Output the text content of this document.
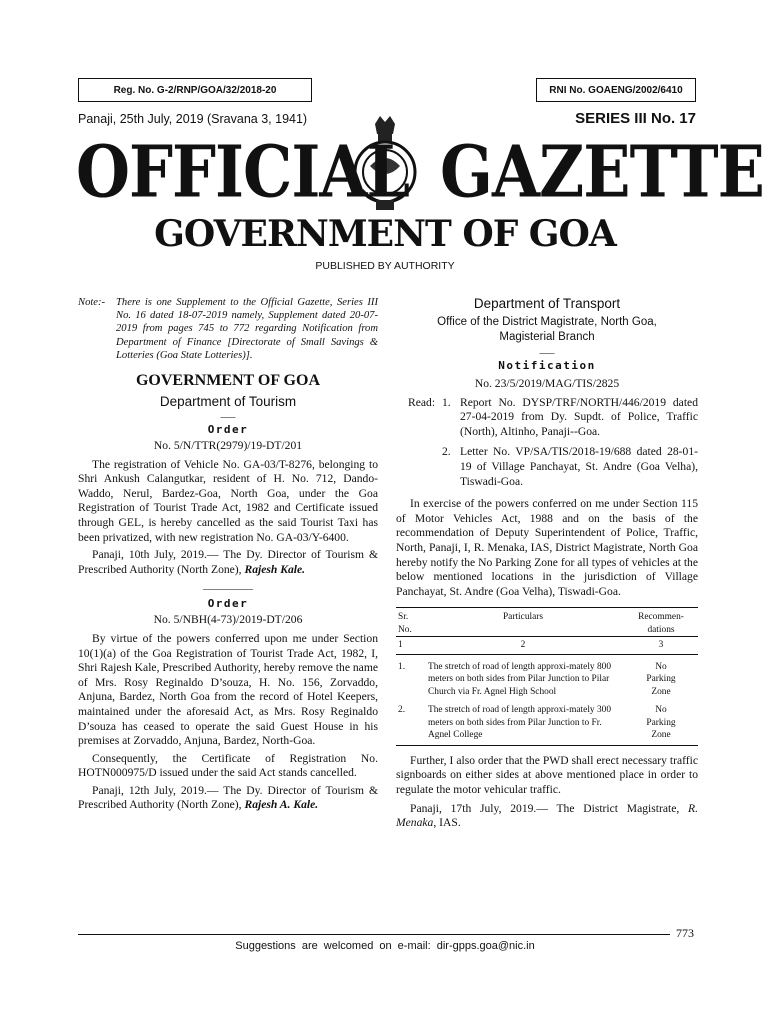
Reg. No. G-2/RNP/GOA/32/2018-20	RNI No. GOAENG/2002/6410
Panaji, 25th July, 2019 (Sravana 3, 1941)	SERIES III No. 17
OFFICIAL GAZETTE
GOVERNMENT OF GOA
PUBLISHED BY AUTHORITY
Note:-	There is one Supplement to the Official Gazette, Series III No. 16 dated 18-07-2019 namely, Supplement dated 20-07-2019 from pages 745 to 772 regarding Notification from Department of Finance [Directorate of Small Savings & Lotteries (Goa State Lotteries)].

GOVERNMENT OF GOA
Department of Tourism
___
Order
No. 5/N/TTR(2979)/19-DT/201

The registration of Vehicle No. GA-03/T-8276, belonging to Shri Ankush Calangutkar, resident of H. No. 712, Dando-Waddo, Nerul, Bardez-Goa, North Goa, under the Goa Registration of Tourist Trade Act, 1982 and Certificate issued through GEL, is hereby cancelled as the said Tourist Taxi has been privatized, with new registration No. GA-03/Y-6400.

Panaji, 10th July, 2019.— The Dy. Director of Tourism & Prescribed Authority (North Zone), Rajesh Kale.

__________
Order
No. 5/NBH(4-73)/2019-DT/206

By virtue of the powers conferred upon me under Section 10(1)(a) of the Goa Registration of Tourist Trade Act, 1982, I, Shri Rajesh Kale, Prescribed Authority, hereby remove the name of Mrs. Rosy Reginaldo D’souza, H. No. 156, Zorvaddo, Anjuna, Bardez, North Goa from the record of Hotel Keepers, maintained under the aforesaid Act, as Mrs. Rosy Reginaldo D’souza has ceased to operate the said Guest House in his premises at Zorvaddo, Anjuna, Bardez, North-Goa.

Consequently, the Certificate of Registration No. HOTN000975/D issued under the said Act stands cancelled.

Panaji, 12th July, 2019.— The Dy. Director of Tourism & Prescribed Authority (North Zone), Rajesh A. Kale.

Department of Transport
Office of the District Magistrate, North Goa, Magisterial Branch
___
Notification
No. 23/5/2019/MAG/TIS/2825
Read: 1. Report No. DYSP/TRF/NORTH/446/2019 dated 27-04-2019 from Dy. Supdt. of Police, Traffic (North), Altinho, Panaji--Goa.

2. Letter No. VP/SA/TIS/2018-19/688 dated 28-01-19 of Village Panchayat, St. Andre (Goa Velha), Tiswadi-Goa.

In exercise of the powers conferred on me under Section 115 of Motor Vehicles Act, 1988 and on the basis of the recommendation of Deputy Superintendent of Police, Traffic, North, Panaji, I, R. Menaka, IAS, District Magistrate, North Goa hereby notify the No Parking Zone for all types of vehicles at the below mentioned locations in the jurisdiction of Village Panchayat, St. Andre (Goa Velha), Tiswadi-Goa.

Sr. No.	Particulars	Recommen-dations
1	2	3
1.	The stretch of road of length approxi-mately 800 meters on both sides from Pilar Junction to Pilar Church via Fr. Agnel High School	No Parking Zone
2.	The stretch of road of length approxi-mately 300 meters on both sides from Pilar Junction to Fr. Agnel College	No Parking Zone

Further, I also order that the PWD shall erect necessary traffic signboards on either sides at above mentioned place in order to regulate the motor vehicular traffic.

Panaji, 17th July, 2019.— The District Magistrate, R. Menaka, IAS.

773
Suggestions are welcomed on e-mail: dir-gpps.goa@nic.in
